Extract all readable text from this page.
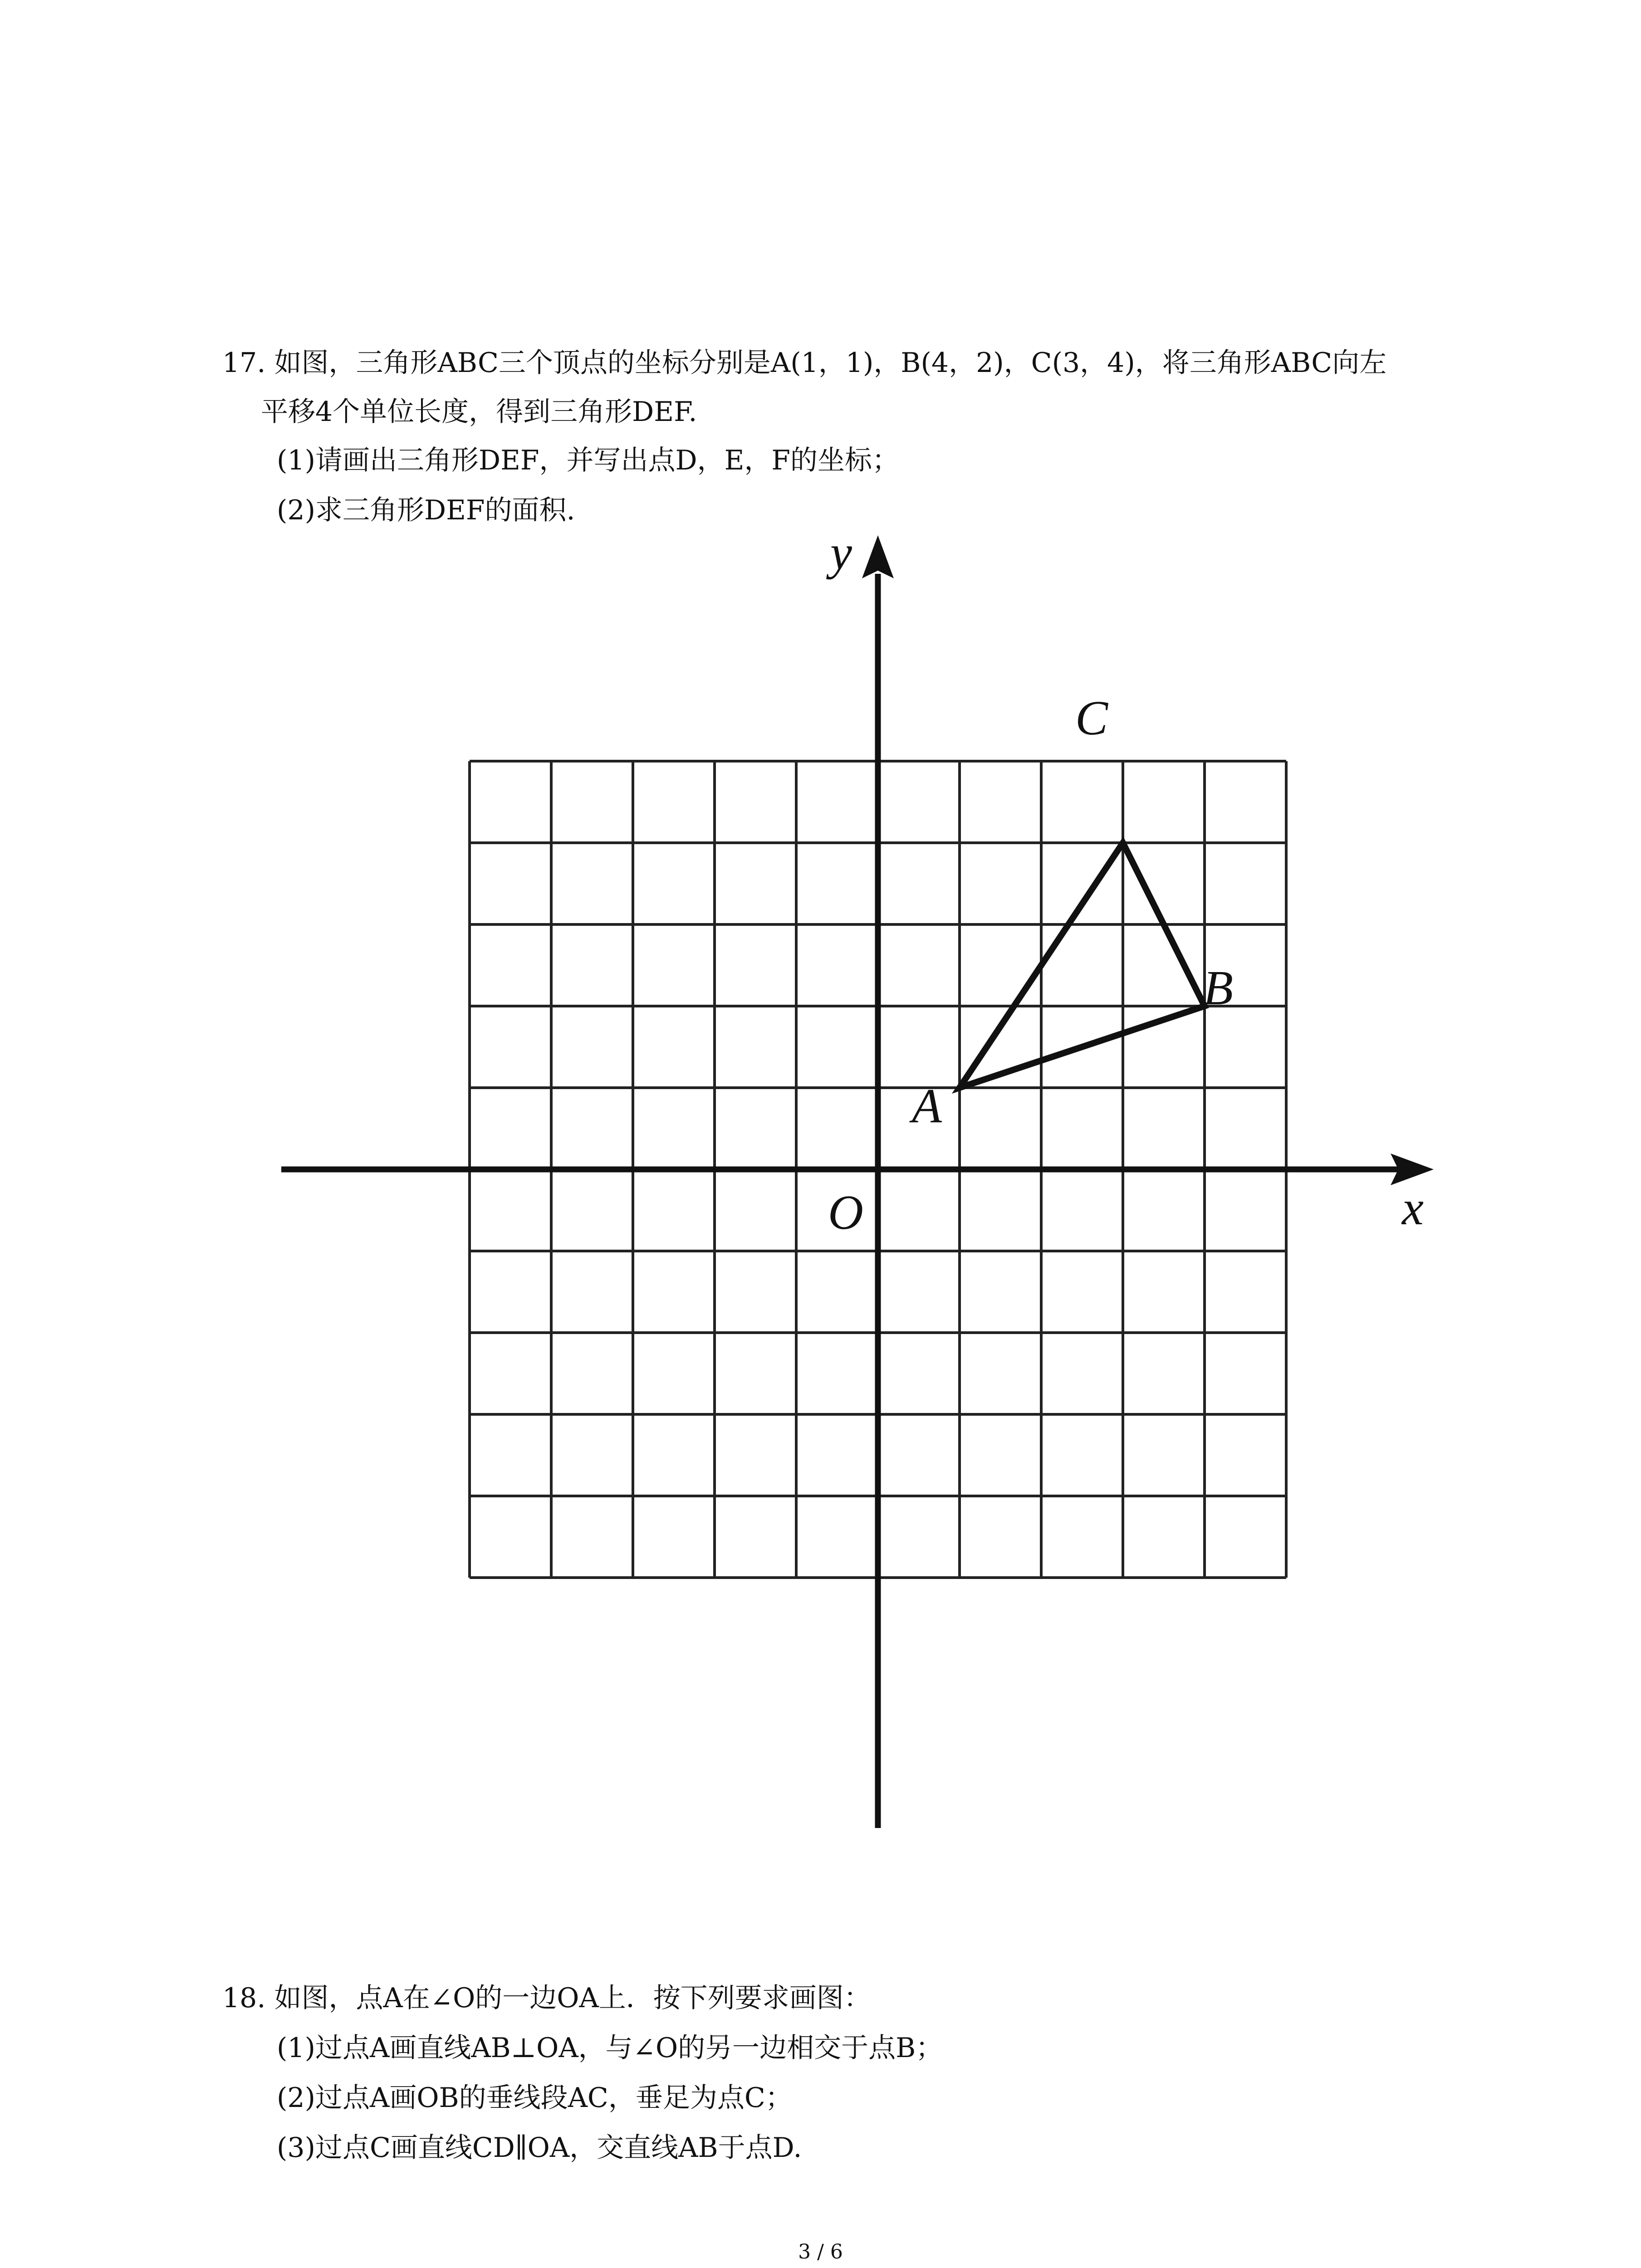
17. 如图，三角形ABC三个顶点的坐标分别是A(1，1)，B(4，2)，C(3，4)，将三角形ABC向左
平移4个单位长度，得到三角形DEF.
(1)请画出三角形DEF，并写出点D，E，F的坐标；
(2)求三角形DEF的面积.
y
x
O
A
B
C
18. 如图，点A在∠O的一边OA上．按下列要求画图：
(1)过点A画直线AB⊥OA，与∠O的另一边相交于点B；
(2)过点A画OB的垂线段AC，垂足为点C；
(3)过点C画直线CD∥OA，交直线AB于点D.
3 / 6
